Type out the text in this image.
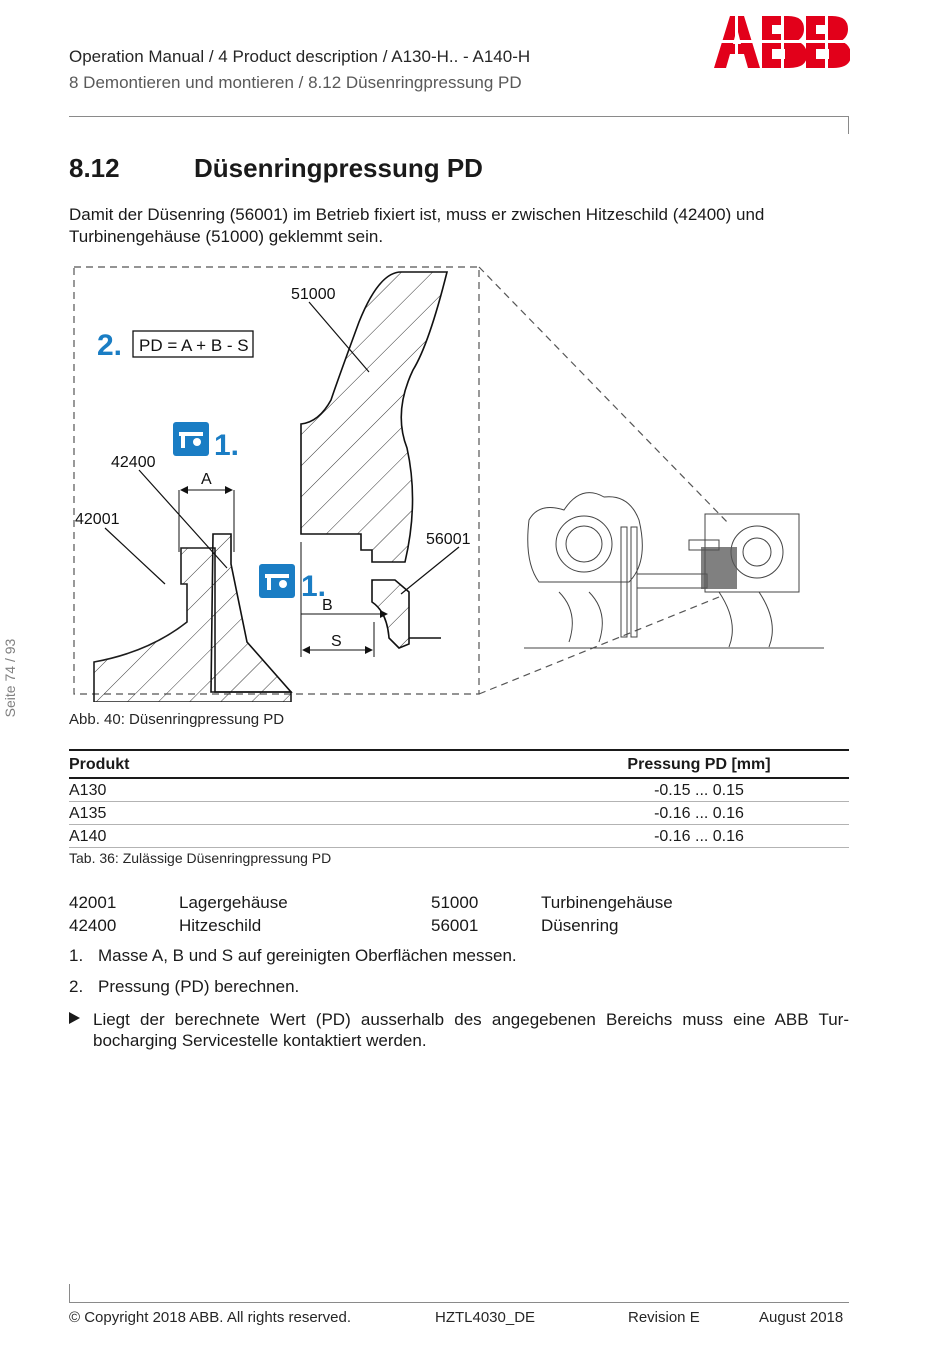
Operation Manual / 4 Product description / A130-H.. - A140-H
8 Demontieren und montieren / 8.12 Düsenringpressung PD
8.12	Düsenringpressung PD
Damit der Düsenring (56001) im Betrieb fixiert ist, muss er zwischen Hitzeschild (42400) und Turbinengehäuse (51000) geklemmt sein.
2. PD = A + B - S
1.
1.
51000
42400
42001
56001
A
B
S
Abb. 40: Düsenringpressung PD
Seite 74 / 93
Produkt	Pressung PD [mm]
A130	-0.15 ... 0.15
A135	-0.16 ... 0.16
A140	-0.16 ... 0.16
Tab. 36: Zulässige Düsenringpressung PD
42001	Lagergehäuse	51000	Turbinengehäuse
42400	Hitzeschild	56001	Düsenring
1. Masse A, B und S auf gereinigten Oberflächen messen.
2. Pressung (PD) berechnen.
Liegt der berechnete Wert (PD) ausserhalb des angegebenen Bereichs muss eine ABB Turbocharging Servicestelle kontaktiert werden.
© Copyright 2018 ABB. All rights reserved.	HZTL4030_DE	Revision E	August 2018
